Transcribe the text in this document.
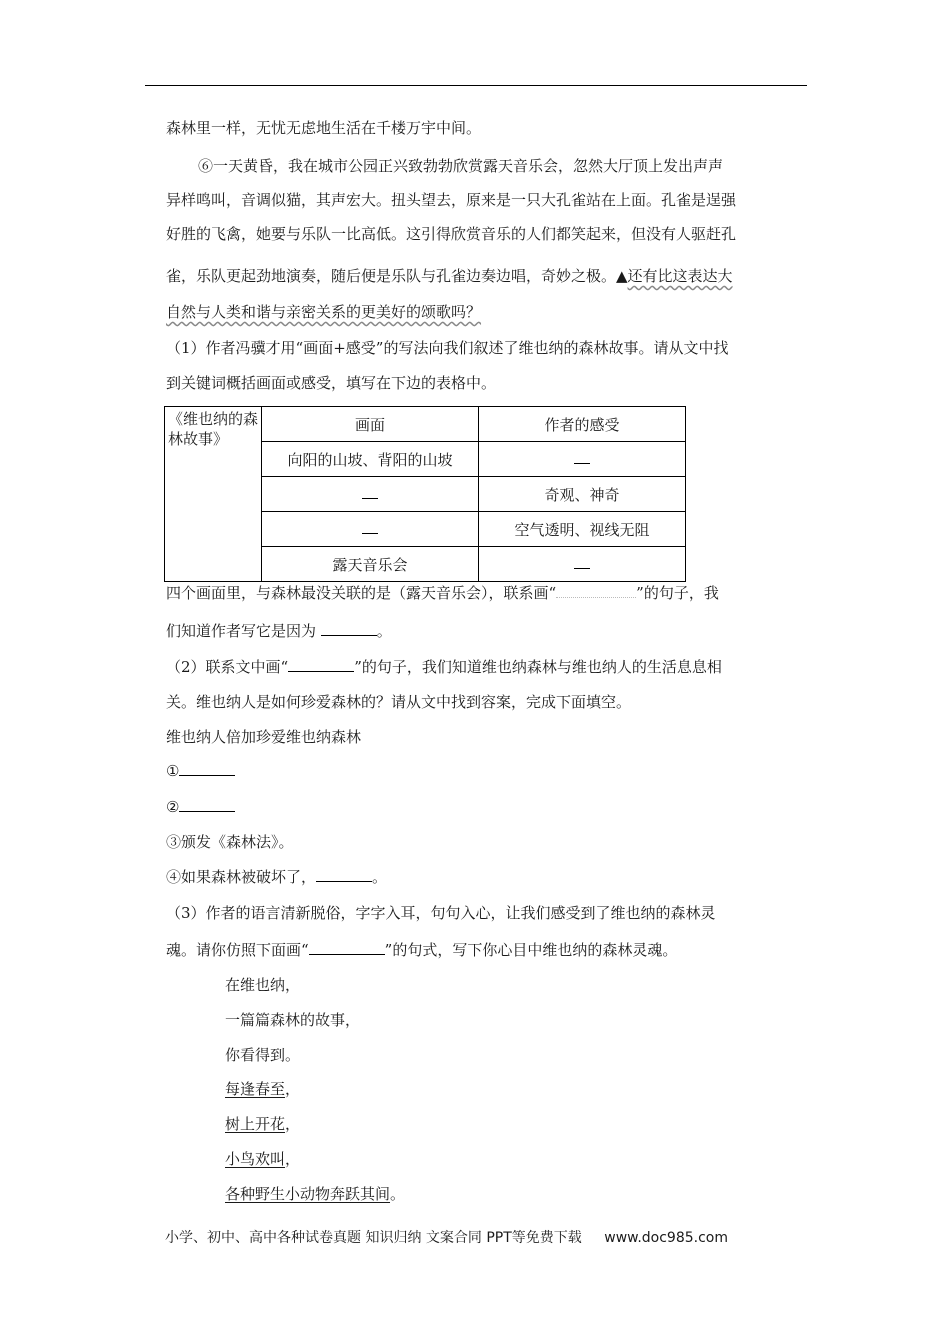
森林里一样，无忧无虑地生活在千楼万宇中间。
⑥一天黄昏，我在城市公园正兴致勃勃欣赏露天音乐会，忽然大厅顶上发出声声
异样鸣叫，音调似猫，其声宏大。扭头望去，原来是一只大孔雀站在上面。孔雀是逞强
好胜的飞禽，她要与乐队一比高低。这引得欣赏音乐的人们都笑起来，但没有人驱赶孔
雀，乐队更起劲地演奏，随后便是乐队与孔雀边奏边唱，奇妙之极。▲还有比这表达大
自然与人类和谐与亲密关系的更美好的颂歌吗？
（1）作者冯骥才用“画面+感受”的写法向我们叙述了维也纳的森林故事。请从文中找
到关键词概括画面或感受，填写在下边的表格中。
《维也纳的森林故事》	画面	作者的感受
	向阳的山坡、背阳的山坡	
		奇观、神奇
		空气透明、视线无阻
	露天音乐会	
四个画面里，与森林最没关联的是（露天音乐会），联系画“	”的句子，我
们知道作者写它是因为	。
（2）联系文中画“	”的句子，我们知道维也纳森林与维也纳人的生活息息相
关。维也纳人是如何珍爱森林的？请从文中找到容案，完成下面填空。
维也纳人倍加珍爱维也纳森林
①
②
③颁发《森林法》。
④如果森林被破坏了，	。
（3）作者的语言清新脱俗，字字入耳，句句入心，让我们感受到了维也纳的森林灵
魂。请你仿照下面画“	”的句式，写下你心目中维也纳的森林灵魂。
在维也纳，
一篇篇森林的故事，
你看得到。
每逢春至，
树上开花，
小鸟欢叫，
各种野生小动物奔跃其间。
小学、初中、高中各种试卷真题 知识归纳 文案合同 PPT等免费下载 www.doc985.com
